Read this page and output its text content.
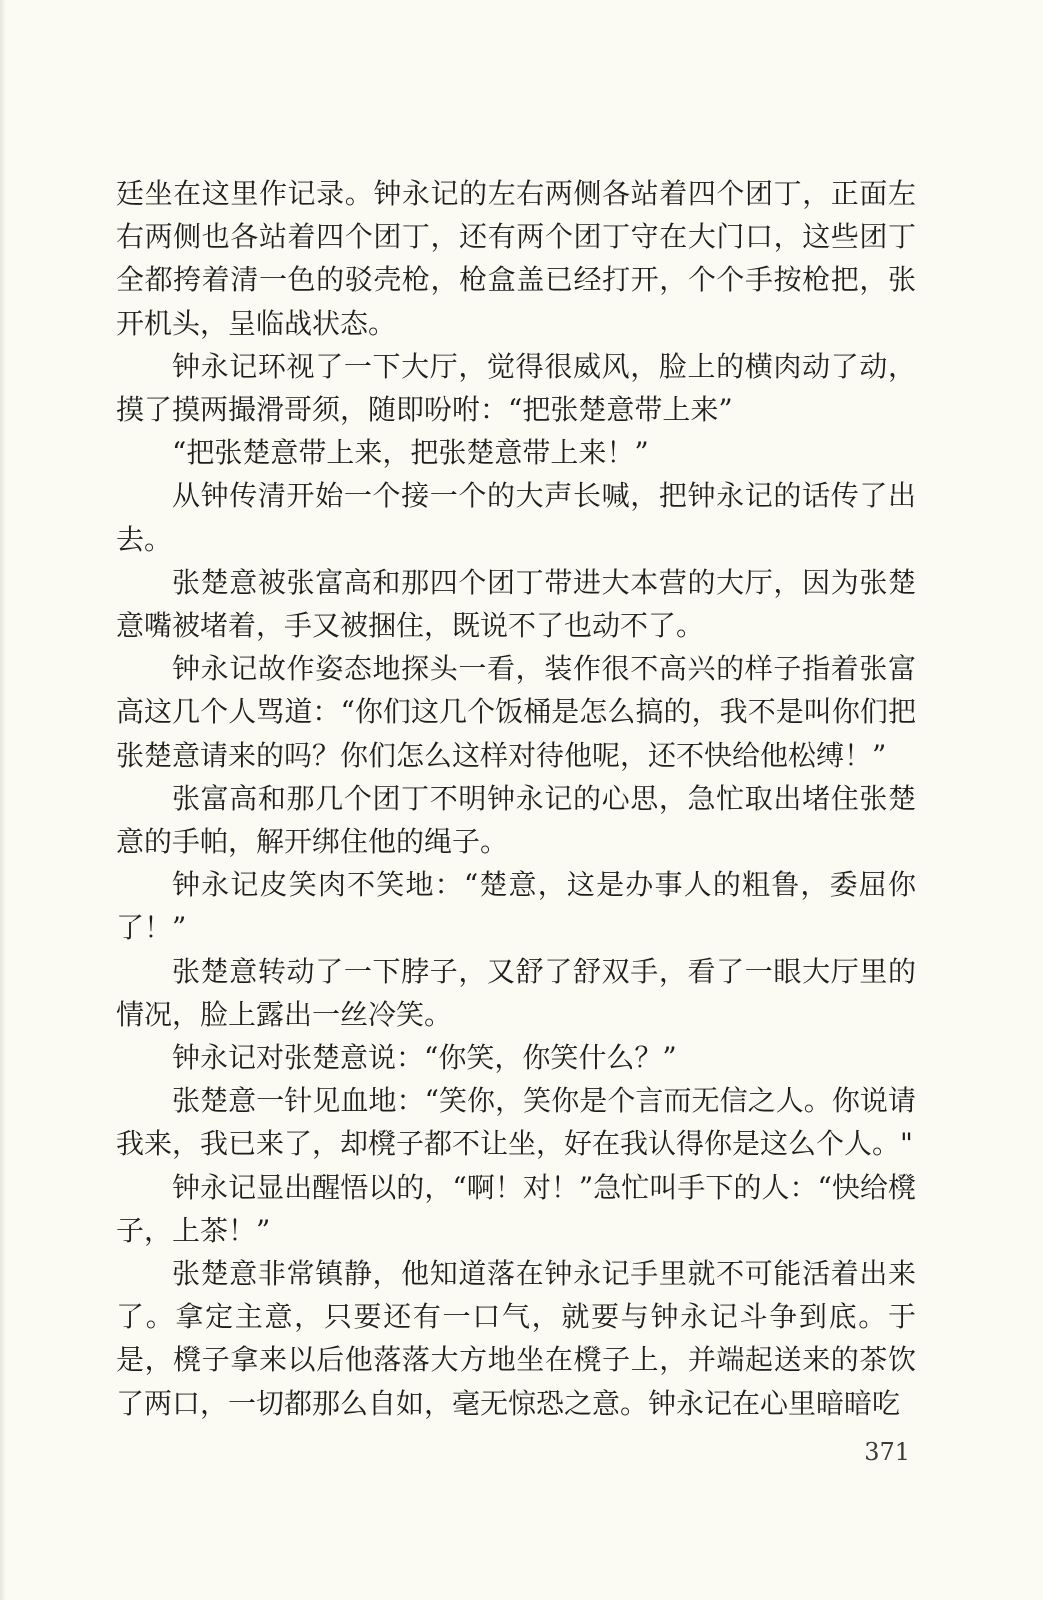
廷坐在这里作记录。钟永记的左右两侧各站着四个团丁，正面左右两侧也各站着四个团丁，还有两个团丁守在大门口，这些团丁全都挎着清一色的驳壳枪，枪盒盖已经打开，个个手按枪把，张开机头，呈临战状态。

钟永记环视了一下大厅，觉得很威风，脸上的横肉动了动，摸了摸两撮滑哥须，随即吩咐：“把张楚意带上来”

“把张楚意带上来，把张楚意带上来！”

从钟传清开始一个接一个的大声长喊，把钟永记的话传了出去。

张楚意被张富高和那四个团丁带进大本营的大厅，因为张楚意嘴被堵着，手又被捆住，既说不了也动不了。

钟永记故作姿态地探头一看，装作很不高兴的样子指着张富高这几个人骂道：“你们这几个饭桶是怎么搞的，我不是叫你们把张楚意请来的吗？你们怎么这样对待他呢，还不快给他松缚！”

张富高和那几个团丁不明钟永记的心思，急忙取出堵住张楚意的手帕，解开绑住他的绳子。

钟永记皮笑肉不笑地：“楚意，这是办事人的粗鲁，委屈你了！”

张楚意转动了一下脖子，又舒了舒双手，看了一眼大厅里的情况，脸上露出一丝冷笑。

钟永记对张楚意说：“你笑，你笑什么？”

张楚意一针见血地：“笑你，笑你是个言而无信之人。你说请我来，我已来了，却櫈子都不让坐，好在我认得你是这么个人。"

钟永记显出醒悟以的，“啊！对！”急忙叫手下的人：“快给櫈子，上茶！”

张楚意非常镇静，他知道落在钟永记手里就不可能活着出来了。拿定主意，只要还有一口气，就要与钟永记斗争到底。于是，櫈子拿来以后他落落大方地坐在櫈子上，并端起送来的茶饮了两口，一切都那么自如，毫无惊恐之意。钟永记在心里暗暗吃

371
